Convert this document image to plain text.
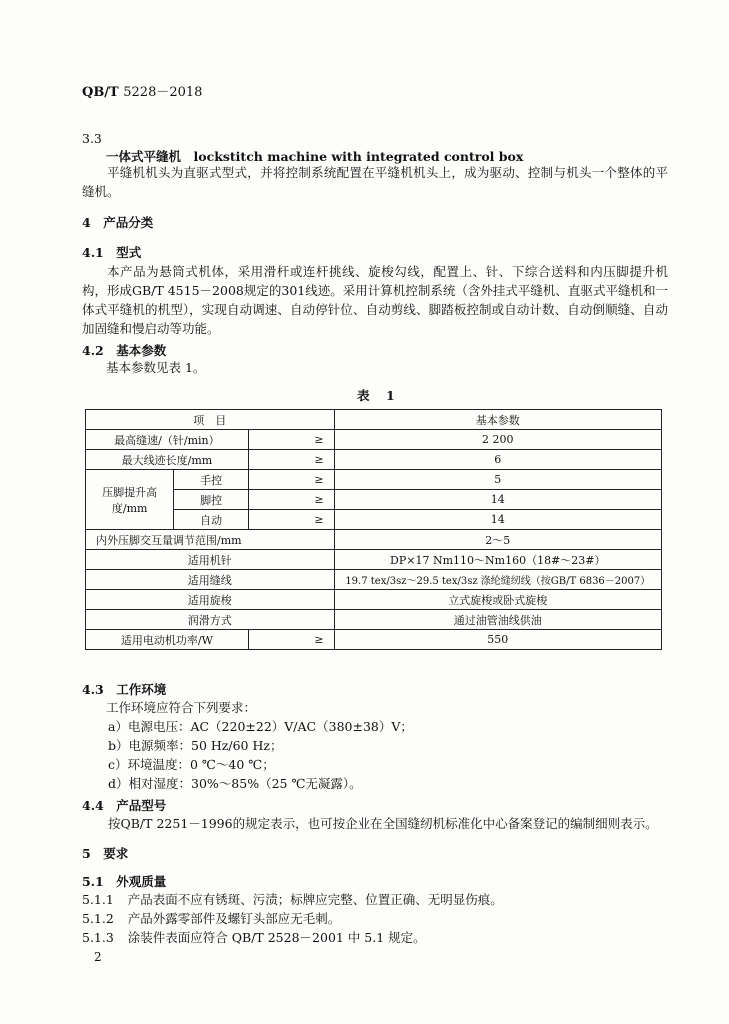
QB/T 5228－2018
3.3
一体式平缝机　lockstitch machine with integrated control box
平缝机机头为直驱式型式，并将控制系统配置在平缝机机头上，成为驱动、控制与机头一个整体的平缝机。
4　产品分类
4.1　型式
本产品为悬筒式机体，采用滑杆或连杆挑线、旋梭勾线，配置上、针、下综合送料和内压脚提升机构，形成GB/T 4515－2008规定的301线迹。采用计算机控制系统（含外挂式平缝机、直驱式平缝机和一体式平缝机的机型），实现自动调速、自动停针位、自动剪线、脚踏板控制或自动计数、自动倒顺缝、自动加固缝和慢启动等功能。
4.2　基本参数
基本参数见表 1。
表　1
项　目			基本参数
最高缝速/（针/min）		≥	2 200
最大线迹长度/mm		≥	6
压脚提升高度/mm	手控	≥	5
	脚控	≥	14
	自动	≥	14
内外压脚交互量调节范围/mm			2～5
适用机针			DP×17 Nm110～Nm160（18#～23#）
适用缝线			19.7 tex/3sz～29.5 tex/3sz 涤纶缝纫线（按GB/T 6836－2007）
适用旋梭			立式旋梭或卧式旋梭
润滑方式			通过油管油线供油
适用电动机功率/W		≥	550
4.3　工作环境
工作环境应符合下列要求：
a）电源电压：AC（220±22）V/AC（380±38）V；
b）电源频率：50 Hz/60 Hz；
c）环境温度：0 ℃～40 ℃；
d）相对湿度：30%～85%（25 ℃无凝露）。
4.4　产品型号
按QB/T 2251－1996的规定表示，也可按企业在全国缝纫机标准化中心备案登记的编制细则表示。
5　要求
5.1　外观质量
5.1.1 产品表面不应有锈斑、污渍；标牌应完整、位置正确、无明显伤痕。
5.1.2 产品外露零部件及螺钉头部应无毛刺。
5.1.3 涂装件表面应符合 QB/T 2528－2001 中 5.1 规定。
2
